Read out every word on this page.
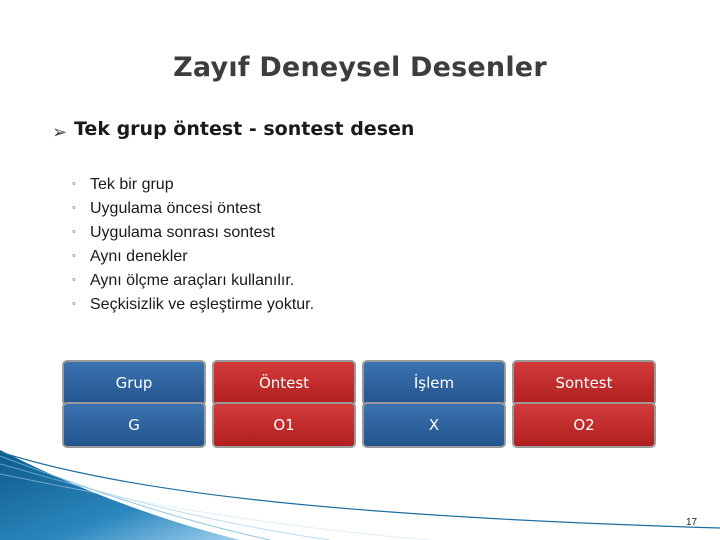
Zayıf Deneysel Desenler
➢ Tek grup öntest - sontest desen
◦ Tek bir grup
◦ Uygulama öncesi öntest
◦ Uygulama sonrası sontest
◦ Aynı denekler
◦ Aynı ölçme araçları kullanılır.
◦ Seçkisizlik ve eşleştirme yoktur.
Grup	Öntest	İşlem	Sontest
G	O1	X	O2
17
